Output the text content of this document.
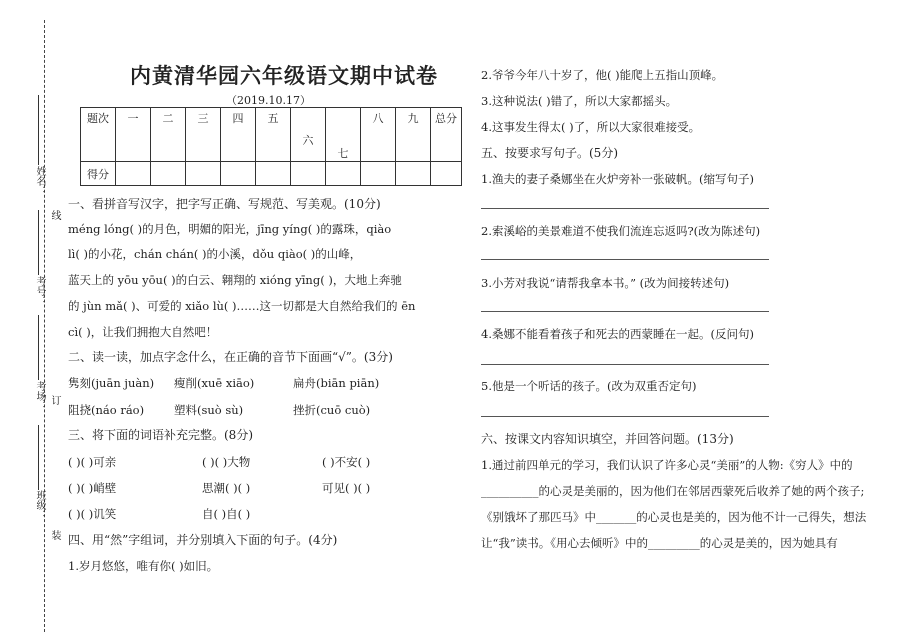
姓名：
线
考号：
考场： 订
班级：
装
内黄清华园六年级语文期中试卷
（2019.10.17）
题次	一	二	三	四	五	六	七	八	九	总分
得分										
一、看拼音写汉字，把字写正确、写规范、写美观。(10分)
méng lóng( )的月色，明媚的阳光，jīng yíng( )的露珠，qiào
lì( )的小花，chán chán( )的小溪，dǒu qiào( )的山峰，
蓝天上的 yōu yōu( )的白云、翱翔的 xióng yīng( )，大地上奔驰
的 jùn mǎ( )、可爱的 xiǎo lù( )……这一切都是大自然给我们的 ēn
cì( )，让我们拥抱大自然吧！
二、读一读，加点字念什么，在正确的音节下面画“√”。(3分)
隽刻(juān juàn) 瘦削(xuē xiāo)	扁舟(biān piān)
阻挠(náo ráo)	塑料(suò sù)	挫折(cuō cuò)
三、将下面的词语补充完整。(8分)
( )( )可亲	( )( )大物	( )不安( )
( )( )峭壁	思潮( )( )	可见( )( )
( )( )讥笑	自( )自( )
四、用“然”字组词，并分别填入下面的句子。(4分)
1.岁月悠悠，唯有你( )如旧。
2.爷爷今年八十岁了，他( )能爬上五指山顶峰。
3.这种说法( )错了，所以大家都摇头。
4.这事发生得太( )了，所以大家很难接受。
五、按要求写句子。(5分)
1.渔夫的妻子桑娜坐在火炉旁补一张破帆。(缩写句子)
2.索溪峪的美景难道不使我们流连忘返吗?(改为陈述句)
3.小芳对我说“请帮我拿本书。” (改为间接转述句)
4.桑娜不能看着孩子和死去的西蒙睡在一起。(反问句)
5.他是一个听话的孩子。(改为双重否定句)
六、按课文内容知识填空，并回答问题。(13分)
1.通过前四单元的学习，我们认识了许多心灵“美丽”的人物:《穷人》中的
__________的心灵是美丽的，因为他们在邻居西蒙死后收养了她的两个孩子;
《别饿坏了那匹马》中_______的心灵也是美的，因为他不计一己得失，想法
让“我”读书。《用心去倾听》中的_________的心灵是美的，因为她具有
